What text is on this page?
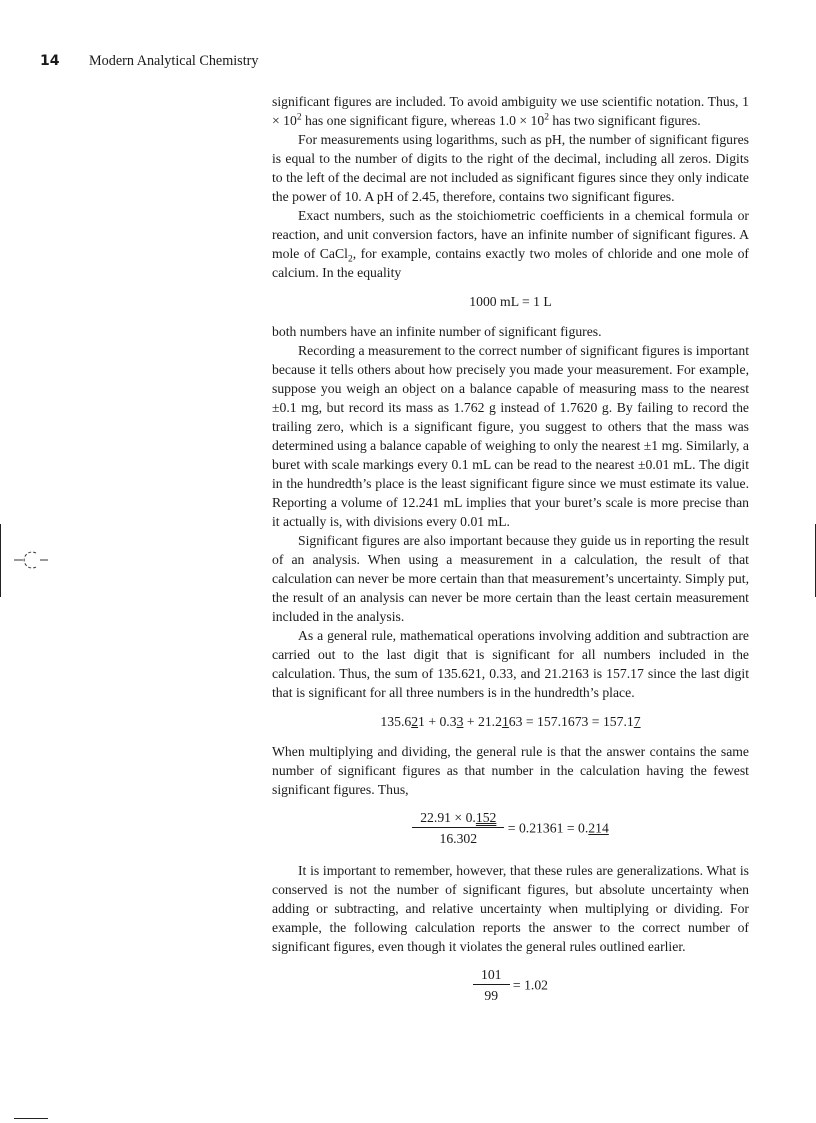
14 Modern Analytical Chemistry

significant figures are included. To avoid ambiguity we use scientific notation. Thus, $1 \times 10^2$ has one significant figure, whereas $1.0 \times 10^2$ has two significant figures.

For measurements using logarithms, such as pH, the number of significant figures is equal to the number of digits to the right of the decimal, including all zeros. Digits to the left of the decimal are not included as significant figures since they only indicate the power of 10. A pH of 2.45, therefore, contains two significant figures.

Exact numbers, such as the stoichiometric coefficients in a chemical formula or reaction, and unit conversion factors, have an infinite number of significant figures. A mole of CaCl$_2$, for example, contains exactly two moles of chloride and one mole of calcium. In the equality

1000 mL = 1 L

both numbers have an infinite number of significant figures.

Recording a measurement to the correct number of significant figures is important because it tells others about how precisely you made your measurement. For example, suppose you weigh an object on a balance capable of measuring mass to the nearest ±0.1 mg, but record its mass as 1.762 g instead of 1.7620 g. By failing to record the trailing zero, which is a significant figure, you suggest to others that the mass was determined using a balance capable of weighing to only the nearest ±1 mg. Similarly, a buret with scale markings every 0.1 mL can be read to the nearest ±0.01 mL. The digit in the hundredth’s place is the least significant figure since we must estimate its value. Reporting a volume of 12.241 mL implies that your buret’s scale is more precise than it actually is, with divisions every 0.01 mL.

Significant figures are also important because they guide us in reporting the result of an analysis. When using a measurement in a calculation, the result of that calculation can never be more certain than that measurement’s uncertainty. Simply put, the result of an analysis can never be more certain than the least certain measurement included in the analysis.

As a general rule, mathematical operations involving addition and subtraction are carried out to the last digit that is significant for all numbers included in the calculation. Thus, the sum of 135.621, 0.33, and 21.2163 is 157.17 since the last digit that is significant for all three numbers is in the hundredth’s place.

135.621 + 0.33 + 21.2163 = 157.1673 = 157.17

When multiplying and dividing, the general rule is that the answer contains the same number of significant figures as that number in the calculation having the fewest significant figures. Thus,

$\frac{22.91 \times 0.152}{16.302} = 0.21361 = 0.214$

It is important to remember, however, that these rules are generalizations. What is conserved is not the number of significant figures, but absolute uncertainty when adding or subtracting, and relative uncertainty when multiplying or dividing. For example, the following calculation reports the answer to the correct number of significant figures, even though it violates the general rules outlined earlier.

$\frac{101}{99} = 1.02$
